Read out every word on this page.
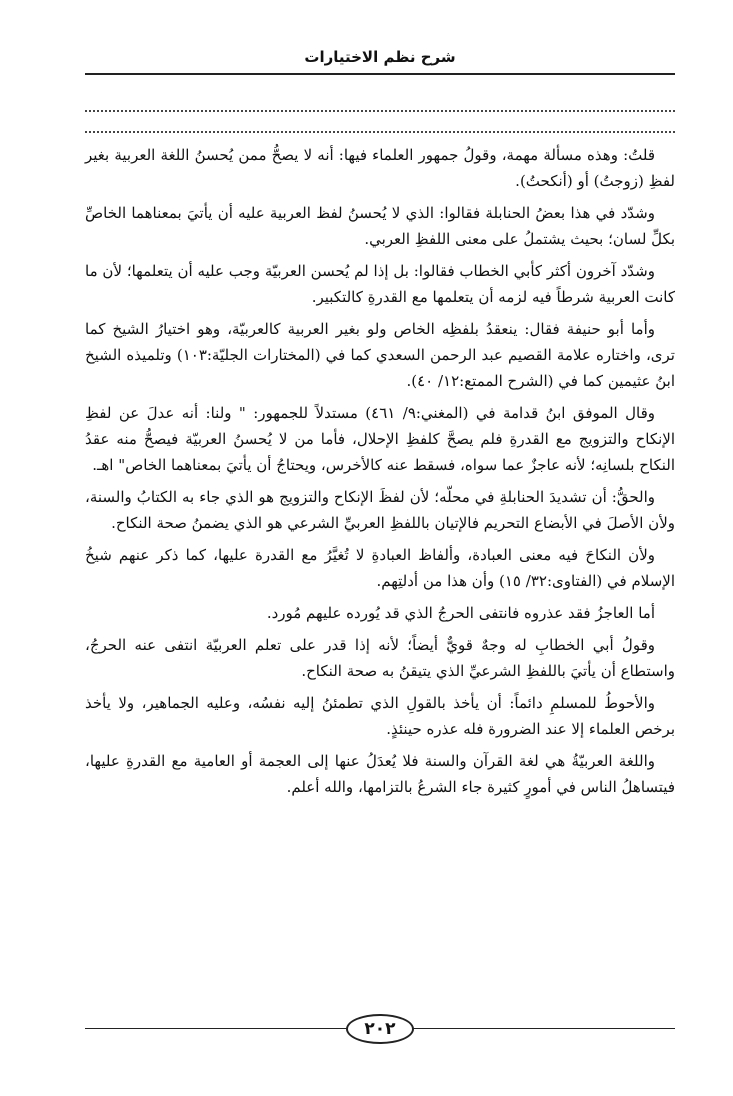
شرح نظم الاختيارات

قلتُ: وهذه مسألة مهمة، وقولُ جمهور العلماء فيها: أنه لا يصحُّ ممن يُحسنُ اللغة العربية بغير لفظِ (زوجتُ) أو (أنكحتُ).

وشدّد في هذا بعضُ الحنابلة فقالوا: الذي لا يُحسنُ لفظ العربية عليه أن يأتيَ بمعناهما الخاصِّ بكلِّ لسان؛ بحيث يشتملُ على معنى اللفظِ العربي.

وشدّد آخرون أكثر كأبي الخطاب فقالوا: بل إذا لم يُحسن العربيّة وجب عليه أن يتعلمها؛ لأن ما كانت العربية شرطاً فيه لزمه أن يتعلمها مع القدرةِ كالتكبير.

وأما أبو حنيفة فقال: ينعقدُ بلفظِه الخاص ولو بغير العربية كالعربيّة، وهو اختيارُ الشيخ كما ترى، واختاره علامة القصيم عبد الرحمن السعدي كما في (المختارات الجليّة:١٠٣) وتلميذه الشيخ ابنُ عثيمين كما في (الشرح الممتع:١٢/ ٤٠).

وقال الموفق ابنُ قدامة في (المغني:٩/ ٤٦١) مستدلاً للجمهور: " ولنا: أنه عدلَ عن لفظِ الإنكاح والتزويج مع القدرةِ فلم يصحَّ كلفظِ الإحلال، فأما من لا يُحسنُ العربيّة فيصحُّ منه عقدُ النكاح بلسانِه؛ لأنه عاجزٌ عما سواه، فسقط عنه كالأخرس، ويحتاجُ أن يأتيَ بمعناهما الخاص" اهـ.

والحقُّ: أن تشديدَ الحنابلةِ في محلّه؛ لأن لفظَ الإنكاح والتزويج هو الذي جاء به الكتابُ والسنة، ولأن الأصلَ في الأبضاع التحريم فالإتيان باللفظِ العربيِّ الشرعي هو الذي يضمنُ صحة النكاح.

ولأن النكاحَ فيه معنى العبادة، وألفاظ العبادةِ لا تُغيَّرُ مع القدرة عليها، كما ذكر عنهم شيخُ الإسلام في (الفتاوى:٣٢/ ١٥) وأن هذا من أدلتِهم.

أما العاجزُ فقد عذروه فانتفى الحرجُ الذي قد يُورده عليهم مُورد.

وقولُ أبي الخطابِ له وجهٌ قويٌّ أيضاً؛ لأنه إذا قدر على تعلم العربيّة انتفى عنه الحرجُ، واستطاع أن يأتيَ باللفظِ الشرعيِّ الذي يتيقنُ به صحة النكاح.

والأحوطُ للمسلمِ دائماً: أن يأخذ بالقولِ الذي تطمئنُ إليه نفسُه، وعليه الجماهير، ولا يأخذ برخص العلماء إلا عند الضرورة فله عذره حينئذٍ.

واللغة العربيّةُ هي لغة القرآن والسنة فلا يُعدَلُ عنها إلى العجمة أو العامية مع القدرةِ عليها، فيتساهلُ الناس في أمورٍ كثيرة جاء الشرعُ بالتزامها، والله أعلم.

٢٠٢
